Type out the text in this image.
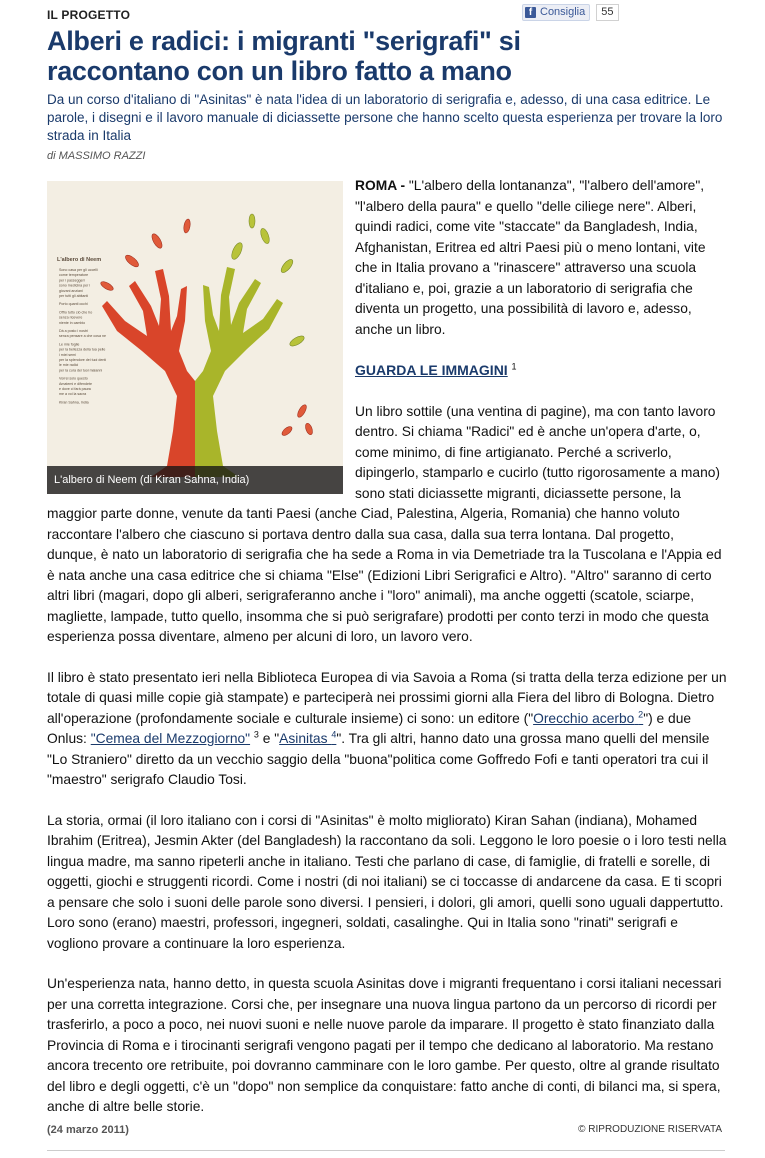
IL PROGETTO	f Consiglia	55
Alberi e radici: i migranti "serigrafi" si raccontano con un libro fatto a mano

Da un corso d'italiano di "Asinitas" è nata l'idea di un laboratorio di serigrafia e, adesso, di una casa editrice. Le parole, i disegni e il lavoro manuale di diciassette persone che hanno scelto questa esperienza per trovare la loro strada in Italia

di MASSIMO RAZZI

ROMA - "L'albero della lontananza", "l'albero dell'amore", "l'albero della paura" e quello "delle ciliege nere". Alberi, quindi radici, come vite "staccate" da Bangladesh, India, Afghanistan, Eritrea ed altri Paesi più o meno lontani, vite che in Italia provano a "rinascere" attraverso una scuola d'italiano e, poi, grazie a un laboratorio di serigrafia che diventa un progetto, una possibilità di lavoro e, adesso, anche un libro.

GUARDA LE IMMAGINI $^1$

Un libro sottile (una ventina di pagine), ma con tanto lavoro dentro. Si chiama "Radici" ed è anche un'opera d'arte, o, come minimo, di fine artigianato. Perché a scriverlo, dipingerlo, stamparlo e cucirlo (tutto rigorosamente a mano) sono stati diciassette migranti, diciassette persone, la maggior parte donne, venute da tanti Paesi (anche Ciad, Palestina, Algeria, Romania) che hanno voluto raccontare l'albero che ciascuno si portava dentro dalla sua casa, dalla sua terra lontana. Dal progetto, dunque, è nato un laboratorio di serigrafia che ha sede a Roma in via Demetriade tra la Tuscolana e l'Appia ed è nata anche una casa editrice che si chiama "Else" (Edizioni Libri Serigrafici e Altro). "Altro" saranno di certo altri libri (magari, dopo gli alberi, serigraferanno anche i "loro" animali), ma anche oggetti (scatole, sciarpe, magliette, lampade, tutto quello, insomma che si può serigrafare) prodotti per conto terzi in modo che questa esperienza possa diventare, almeno per alcuni di loro, un lavoro vero.

Il libro è stato presentato ieri nella Biblioteca Europea di via Savoia a Roma (si tratta della terza edizione per un totale di quasi mille copie già stampate) e parteciperà nei prossimi giorni alla Fiera del libro di Bologna. Dietro all'operazione (profondamente sociale e culturale insieme) ci sono: un editore ("Orecchio acerbo $^2$") e due Onlus: "Cemea del Mezzogiorno" $^3$ e "Asinitas $^4$". Tra gli altri, hanno dato una grossa mano quelli del mensile "Lo Straniero" diretto da un vecchio saggio della "buona"politica come Goffredo Fofi e tanti operatori tra cui il "maestro" serigrafo Claudio Tosi.

La storia, ormai (il loro italiano con i corsi di "Asinitas" è molto migliorato) Kiran Sahan (indiana), Mohamed Ibrahim (Eritrea), Jesmin Akter (del Bangladesh) la raccontano da soli. Leggono le loro poesie o i loro testi nella lingua madre, ma sanno ripeterli anche in italiano. Testi che parlano di case, di famiglie, di fratelli e sorelle, di oggetti, giochi e struggenti ricordi. Come i nostri (di noi italiani) se ci toccasse di andarcene da casa. E ti scopri a pensare che solo i suoni delle parole sono diversi. I pensieri, i dolori, gli amori, quelli sono uguali dappertutto. Loro sono (erano) maestri, professori, ingegneri, soldati, casalinghe. Qui in Italia sono "rinati" serigrafi e vogliono provare a continuare la loro esperienza.

Un'esperienza nata, hanno detto, in questa scuola Asinitas dove i migranti frequentano i corsi italiani necessari per una corretta integrazione. Corsi che, per insegnare una nuova lingua partono da un percorso di ricordi per trasferirlo, a poco a poco, nei nuovi suoni e nelle nuove parole da imparare. Il progetto è stato finanziato dalla Provincia di Roma e i tirocinanti serigrafi vengono pagati per il tempo che dedicano al laboratorio. Ma restano ancora trecento ore retribuite, poi dovranno camminare con le loro gambe. Per questo, oltre al grande risultato del libro e degli oggetti, c'è un "dopo" non semplice da conquistare: fatto anche di conti, di bilanci ma, si spera, anche di altre belle storie.

L'albero di Neem
Sono casa per gli uccelli
come temperatore
per i passeggeri
sono medicina per i
giovani anziani
per tutti gli abitanti
Porto quanti occhi
Offro tutto ciò che ho
senza ricevere
niente in cambio
Dà a posto i nostri
senza pensare a che cosa ne
Le mie foglie
per la bellezza della tua pelle
i miei semi
per la splendore dei tuoi denti
le mie radici
per la cura dei tuoi malanni
Vorrei solo questo
Amatemi e difendete
e dove ci farà paura
me a voi la sacra
Kiran Sahna, India
L'albero di Neem (di Kiran Sahna, India)
(24 marzo 2011)	© RIPRODUZIONE RISERVATA
